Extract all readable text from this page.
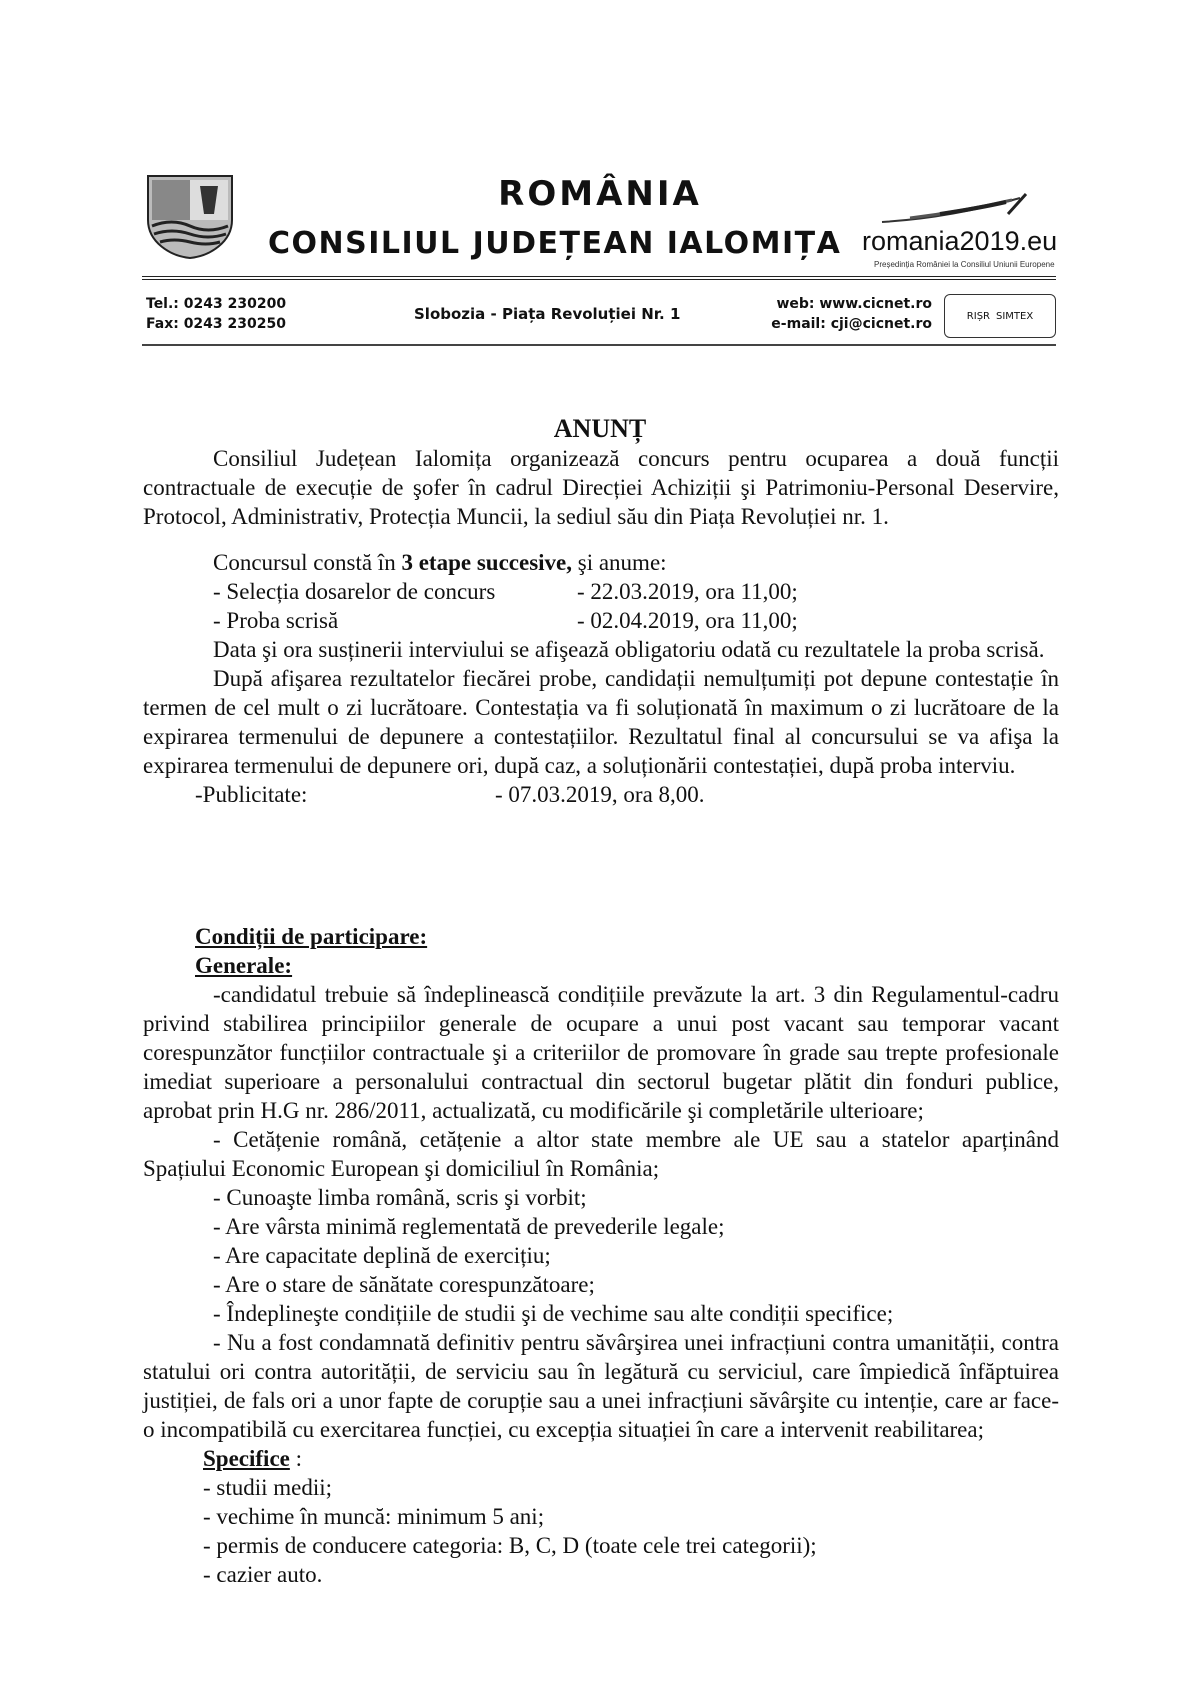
ROMÂNIA
CONSILIUL JUDEȚEAN IALOMIȚA romania2019.eu
Președinția României la Consiliul Uniunii Europene
Tel.: 0243 230200
Fax: 0243 230250
Slobozia - Piața Revoluției Nr. 1
web: www.cicnet.ro
e-mail: cji@cicnet.ro	RIȘR SIMTEX
ANUNȚ

Consiliul Județean Ialomița organizează concurs pentru ocuparea a două funcții contractuale de execuție de şofer în cadrul Direcției Achiziții şi Patrimoniu-Personal Deservire, Protocol, Administrativ, Protecția Muncii, la sediul său din Piața Revoluției nr. 1.

Concursul constă în 3 etape succesive, şi anume:

- Selecția dosarelor de concurs	- 22.03.2019, ora 11,00;
- Proba scrisă	- 02.04.2019, ora 11,00;

Data şi ora susținerii interviului se afişează obligatoriu odată cu rezultatele la proba scrisă.

După afişarea rezultatelor fiecărei probe, candidații nemulțumiți pot depune contestație în termen de cel mult o zi lucrătoare. Contestația va fi soluționată în maximum o zi lucrătoare de la expirarea termenului de depunere a contestațiilor. Rezultatul final al concursului se va afişa la expirarea termenului de depunere ori, după caz, a soluționării contestației, după proba interviu.

-Publicitate:	- 07.03.2019, ora 8,00.

Condiții de participare:

Generale:

-candidatul trebuie să îndeplinească condițiile prevăzute la art. 3 din Regulamentul-cadru privind stabilirea principiilor generale de ocupare a unui post vacant sau temporar vacant corespunzător funcțiilor contractuale şi a criteriilor de promovare în grade sau trepte profesionale imediat superioare a personalului contractual din sectorul bugetar plătit din fonduri publice, aprobat prin H.G nr. 286/2011, actualizată, cu modificările şi completările ulterioare;

- Cetățenie română, cetățenie a altor state membre ale UE sau a statelor aparținând Spațiului Economic European şi domiciliul în România;

- Cunoaşte limba română, scris şi vorbit;

- Are vârsta minimă reglementată de prevederile legale;

- Are capacitate deplină de exercițiu;

- Are o stare de sănătate corespunzătoare;

- Îndeplineşte condițiile de studii şi de vechime sau alte condiții specifice;

- Nu a fost condamnată definitiv pentru săvârşirea unei infracțiuni contra umanității, contra statului ori contra autorității, de serviciu sau în legătură cu serviciul, care împiedică înfăptuirea justiției, de fals ori a unor fapte de corupție sau a unei infracțiuni săvârşite cu intenție, care ar face-o incompatibilă cu exercitarea funcției, cu excepția situației în care a intervenit reabilitarea;

Specifice :

- studii medii;

- vechime în muncă: minimum 5 ani;

- permis de conducere categoria: B, C, D (toate cele trei categorii);

- cazier auto.
